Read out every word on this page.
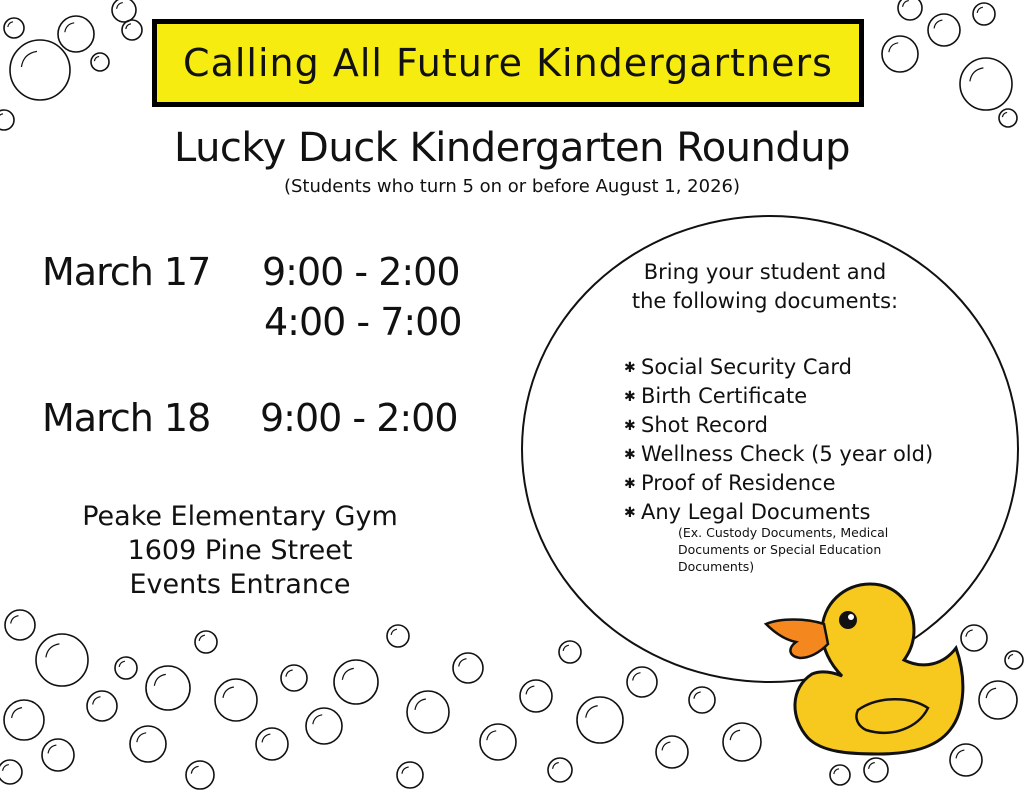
Calling All Future Kindergartners
Lucky Duck Kindergarten Roundup
(Students who turn 5 on or before August 1, 2026)
March 17 9:00 - 2:00
4:00 - 7:00
March 18 9:00 - 2:00
Peake Elementary Gym
1609 Pine Street
Events Entrance
Bring your student and
the following documents:
✱ Social Security Card
✱ Birth Certificate
✱ Shot Record
✱ Wellness Check (5 year old)
✱ Proof of Residence
✱ Any Legal Documents
(Ex. Custody Documents, Medical
Documents or Special Education
Documents)
